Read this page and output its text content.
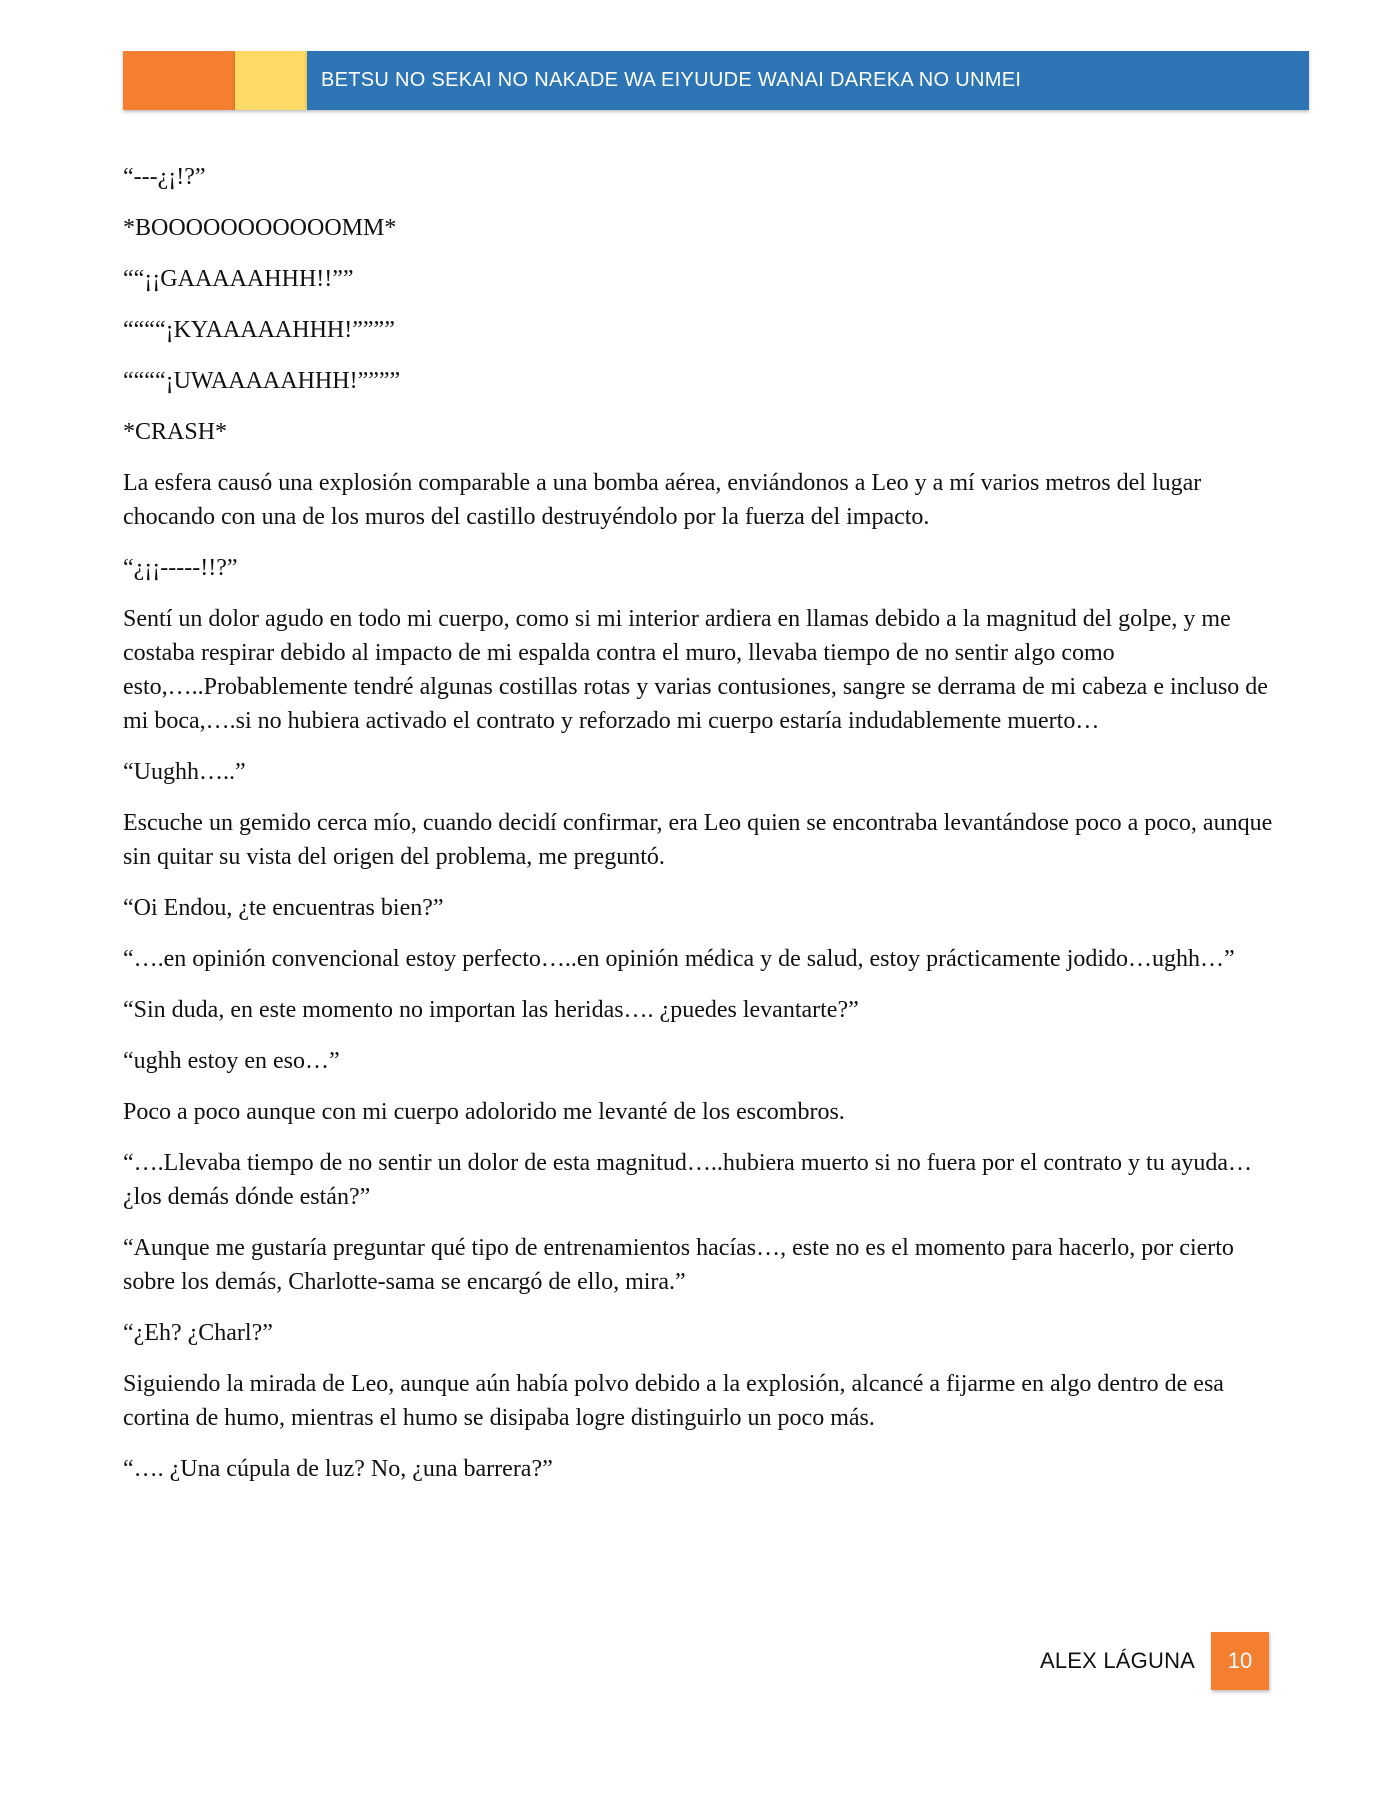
BETSU NO SEKAI NO NAKADE WA EIYUUDE WANAI DAREKA NO UNMEI

“---¿¡!?”

*BOOOOOOOOOOOMM*

““¡¡GAAAAAHHH!!””

““““¡KYAAAAAHHH!””””

““““¡UWAAAAAHHH!””””

*CRASH*

La esfera causó una explosión comparable a una bomba aérea, enviándonos a Leo y a mí varios metros del lugar chocando con una de los muros del castillo destruyéndolo por la fuerza del impacto.

“¿¡¡-----!!?”

Sentí un dolor agudo en todo mi cuerpo, como si mi interior ardiera en llamas debido a la magnitud del golpe, y me costaba respirar debido al impacto de mi espalda contra el muro, llevaba tiempo de no sentir algo como esto,…..Probablemente tendré algunas costillas rotas y varias contusiones, sangre se derrama de mi cabeza e incluso de mi boca,….si no hubiera activado el contrato y reforzado mi cuerpo estaría indudablemente muerto…

“Uughh…..”

Escuche un gemido cerca mío, cuando decidí confirmar, era Leo quien se encontraba levantándose poco a poco, aunque sin quitar su vista del origen del problema, me preguntó.

“Oi Endou, ¿te encuentras bien?”

“….en opinión convencional estoy perfecto…..en opinión médica y de salud, estoy prácticamente jodido…ughh…”

“Sin duda, en este momento no importan las heridas…. ¿puedes levantarte?”

“ughh estoy en eso…”

Poco a poco aunque con mi cuerpo adolorido me levanté de los escombros.

“….Llevaba tiempo de no sentir un dolor de esta magnitud…..hubiera muerto si no fuera por el contrato y tu ayuda… ¿los demás dónde están?”

“Aunque me gustaría preguntar qué tipo de entrenamientos hacías…, este no es el momento para hacerlo, por cierto sobre los demás, Charlotte-sama se encargó de ello, mira.”

“¿Eh? ¿Charl?”

Siguiendo la mirada de Leo, aunque aún había polvo debido a la explosión, alcancé a fijarme en algo dentro de esa cortina de humo, mientras el humo se disipaba logre distinguirlo un poco más.

“…. ¿Una cúpula de luz? No, ¿una barrera?”

ALEX LÁGUNA	10
